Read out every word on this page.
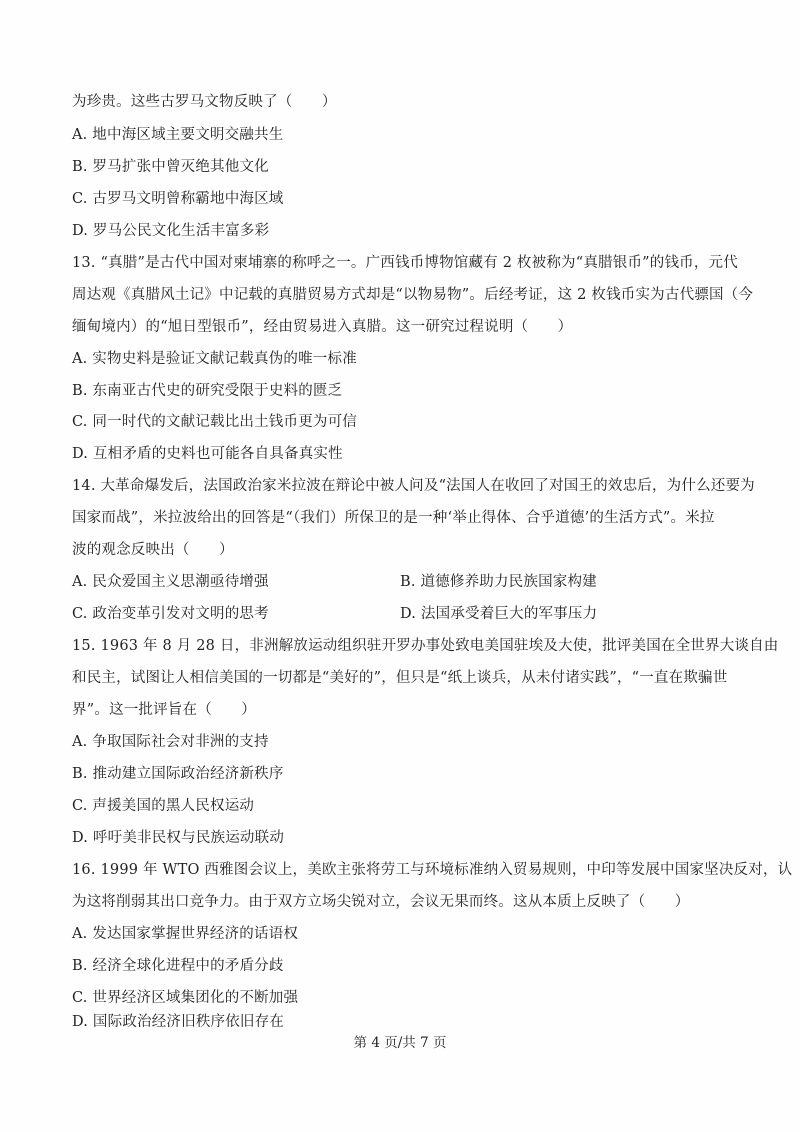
为珍贵。这些古罗马文物反映了（　　）
A. 地中海区域主要文明交融共生
B. 罗马扩张中曾灭绝其他文化
C. 古罗马文明曾称霸地中海区域
D. 罗马公民文化生活丰富多彩
13. “真腊”是古代中国对柬埔寨的称呼之一。广西钱币博物馆藏有 2 枚被称为“真腊银币”的钱币，元代
周达观《真腊风土记》中记载的真腊贸易方式却是“以物易物”。后经考证，这 2 枚钱币实为古代骠国（今
缅甸境内）的“旭日型银币”，经由贸易进入真腊。这一研究过程说明（　　）
A. 实物史料是验证文献记载真伪的唯一标准
B. 东南亚古代史的研究受限于史料的匮乏
C. 同一时代的文献记载比出土钱币更为可信
D. 互相矛盾的史料也可能各自具备真实性
14. 大革命爆发后，法国政治家米拉波在辩论中被人问及“法国人在收回了对国王的效忠后，为什么还要为
国家而战”，米拉波给出的回答是“（我们）所保卫的是一种‘举止得体、合乎道德’的生活方式”。米拉
波的观念反映出（　　）
A. 民众爱国主义思潮亟待增强	B. 道德修养助力民族国家构建
C. 政治变革引发对文明的思考	D. 法国承受着巨大的军事压力
15. 1963 年 8 月 28 日，非洲解放运动组织驻开罗办事处致电美国驻埃及大使，批评美国在全世界大谈自由
和民主，试图让人相信美国的一切都是“美好的”，但只是“纸上谈兵，从未付诸实践”，“一直在欺骗世
界”。这一批评旨在（　　）
A. 争取国际社会对非洲的支持
B. 推动建立国际政治经济新秩序
C. 声援美国的黑人民权运动
D. 呼吁美非民权与民族运动联动
16. 1999 年 WTO 西雅图会议上，美欧主张将劳工与环境标准纳入贸易规则，中印等发展中国家坚决反对，认
为这将削弱其出口竞争力。由于双方立场尖锐对立，会议无果而终。这从本质上反映了（　　）
A. 发达国家掌握世界经济的话语权
B. 经济全球化进程中的矛盾分歧
C. 世界经济区域集团化的不断加强
D. 国际政治经济旧秩序依旧存在
第 4 页/共 7 页
